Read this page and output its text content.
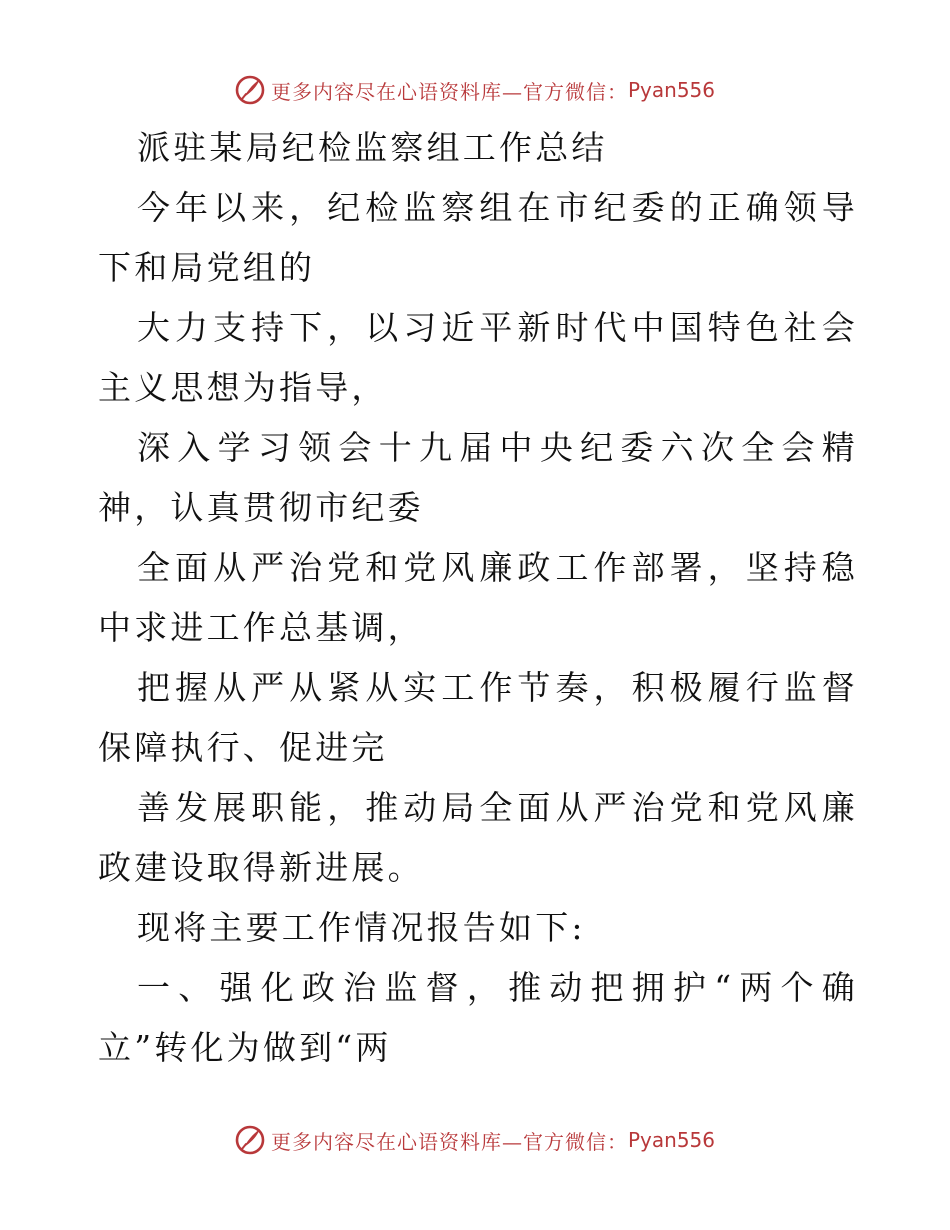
更多内容尽在心语资料库—官方微信： Pyan556

派驻某局纪检监察组工作总结

今年以来，纪检监察组在市纪委的正确领导下和局党组的

大力支持下，以习近平新时代中国特色社会主义思想为指导，

深入学习领会十九届中央纪委六次全会精神，认真贯彻市纪委

全面从严治党和党风廉政工作部署，坚持稳中求进工作总基调，

把握从严从紧从实工作节奏，积极履行监督保障执行、促进完

善发展职能，推动局全面从严治党和党风廉政建设取得新进展。

现将主要工作情况报告如下:

一、强化政治监督，推动把拥护“两个确立”转化为做到“两

更多内容尽在心语资料库—官方微信： Pyan556
